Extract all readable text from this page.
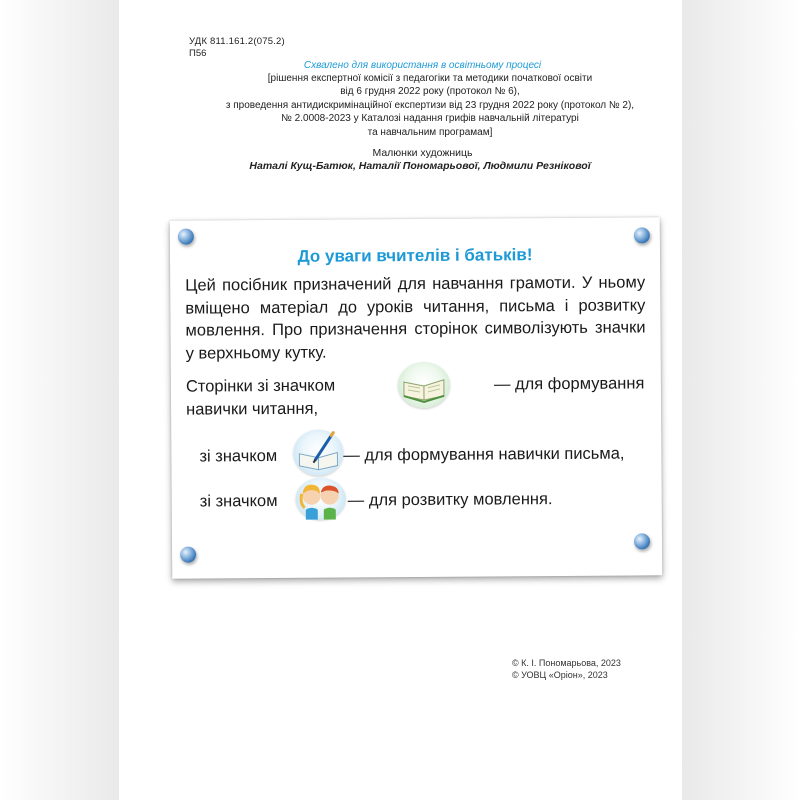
УДК 811.161.2(075.2)
П56
Схвалено для використання в освітньому процесі
[рішення експертної комісії з педагогіки та методики початкової освіти
від 6 грудня 2022 року (протокол № 6),
з проведення антидискримінаційної експертизи від 23 грудня 2022 року (протокол № 2),
№ 2.0008-2023 у Каталозі надання грифів навчальній літературі
та навчальним програмам]
Малюнки художниць
Наталі Кущ-Батюк, Наталії Пономарьової, Людмили Резнікової
До уваги вчителів і батьків!
Цей посібник призначений для навчання грамоти. У ньому вміщено матеріал до уроків читання, письма і розвитку мовлення. Про призначення сторінок символізують значки у верхньому кутку.
Сторінки зі значком	— для формування
навички читання,
зі значком	— для формування навички письма,
зі значком	— для розвитку мовлення.
© К. І. Пономарьова, 2023
© УОВЦ «Оріон», 2023
